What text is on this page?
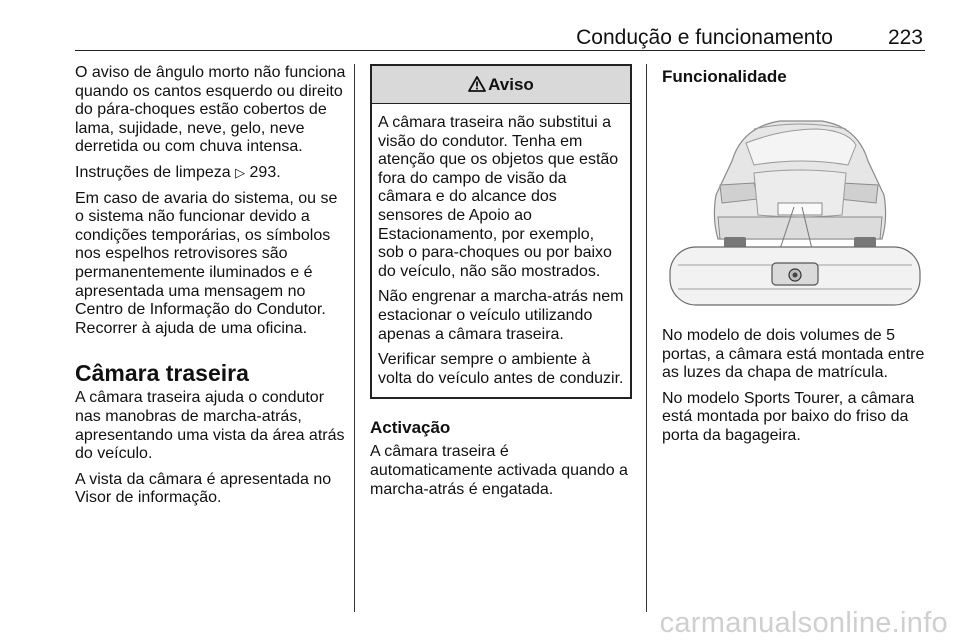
Condução e funcionamento	223

O aviso de ângulo morto não funciona quando os cantos esquerdo ou direito do pára-choques estão cobertos de lama, sujidade, neve, gelo, neve derretida ou com chuva intensa.

Instruções de limpeza ▷ 293.

Em caso de avaria do sistema, ou se o sistema não funcionar devido a condições temporárias, os símbolos nos espelhos retrovisores são permanentemente iluminados e é apresentada uma mensagem no Centro de Informação do Condutor. Recorrer à ajuda de uma oficina.

Câmara traseira

A câmara traseira ajuda o condutor nas manobras de marcha-atrás, apresentando uma vista da área atrás do veículo.

A vista da câmara é apresentada no Visor de informação.

Aviso

A câmara traseira não substitui a visão do condutor. Tenha em atenção que os objetos que estão fora do campo de visão da câmara e do alcance dos sensores de Apoio ao Estacionamento, por exemplo, sob o para-choques ou por baixo do veículo, não são mostrados.

Não engrenar a marcha-atrás nem estacionar o veículo utilizando apenas a câmara traseira.

Verificar sempre o ambiente à volta do veículo antes de conduzir.

Activação

A câmara traseira é automaticamente activada quando a marcha-atrás é engatada.

Funcionalidade

No modelo de dois volumes de 5 portas, a câmara está montada entre as luzes da chapa de matrícula.

No modelo Sports Tourer, a câmara está montada por baixo do friso da porta da bagageira.

carmanualsonline.info
